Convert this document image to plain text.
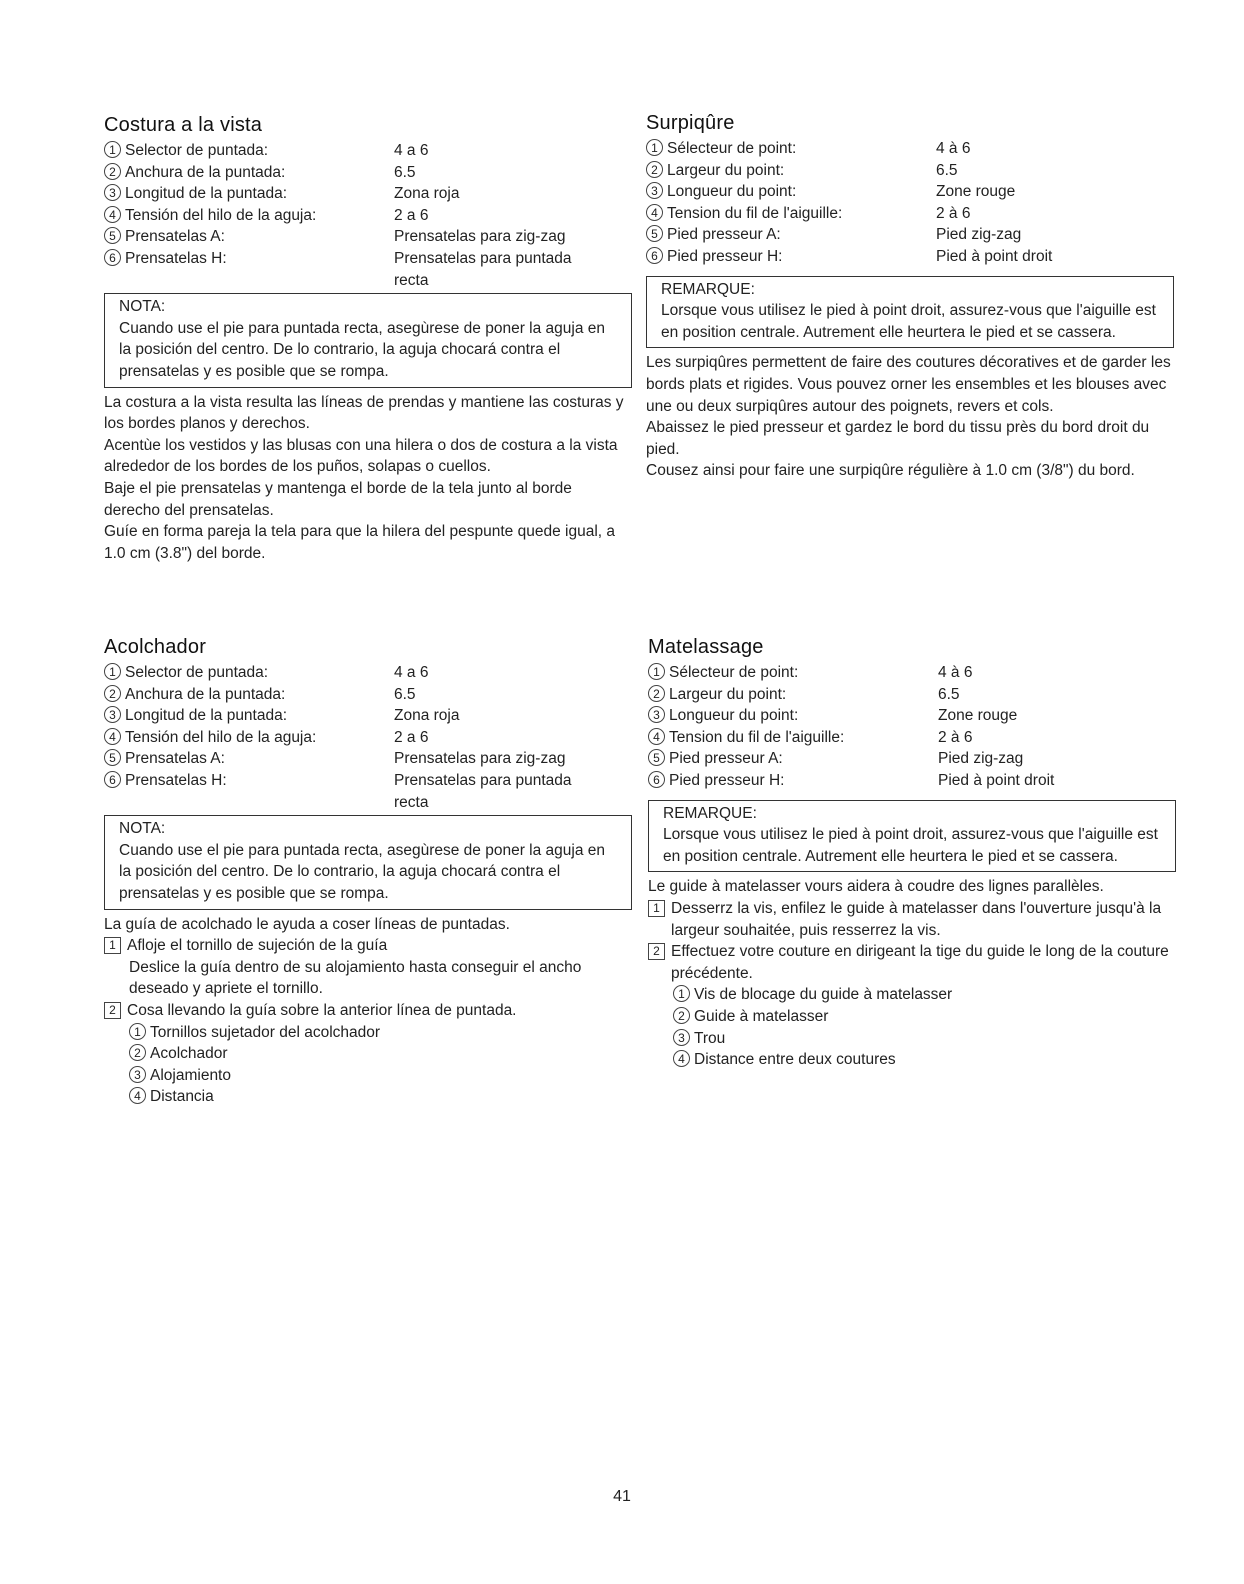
Costura a la vista
1 Selector de puntada:	4 a 6
2 Anchura de la puntada:	6.5
3 Longitud de la puntada:	Zona roja
4 Tensión del hilo de la aguja:	2 a 6
5 Prensatelas A:	Prensatelas para zig-zag
6 Prensatelas H:	Prensatelas para puntada recta
NOTA:
Cuando use el pie para puntada recta, asegùrese de poner la aguja en la posición del centro. De lo contrario, la aguja chocará contra el prensatelas y es posible que se rompa.

La costura a la vista resulta las líneas de prendas y mantiene las costuras y los bordes planos y derechos.

Acentùe los vestidos y las blusas con una hilera o dos de costura a la vista alrededor de los bordes de los puños, solapas o cuellos.

Baje el pie prensatelas y mantenga el borde de la tela junto al borde derecho del prensatelas.

Guíe en forma pareja la tela para que la hilera del pespunte quede igual, a 1.0 cm (3.8") del borde.

Surpiqûre
1 Sélecteur de point:	4 à 6
2 Largeur du point:	6.5
3 Longueur du point:	Zone rouge
4 Tension du fil de l'aiguille:	2 à 6
5 Pied presseur A:	Pied zig-zag
6 Pied presseur H:	Pied à point droit
REMARQUE:
Lorsque vous utilisez le pied à point droit, assurez-vous que l'aiguille est en position centrale. Autrement elle heurtera le pied et se cassera.

Les surpiqûres permettent de faire des coutures décoratives et de garder les bords plats et rigides. Vous pouvez orner les ensembles et les blouses avec une ou deux surpiqûres autour des poignets, revers et cols.

Abaissez le pied presseur et gardez le bord du tissu près du bord droit du pied.

Cousez ainsi pour faire une surpiqûre régulière à 1.0 cm (3/8") du bord.

Acolchador
1 Selector de puntada:	4 a 6
2 Anchura de la puntada:	6.5
3 Longitud de la puntada:	Zona roja
4 Tensión del hilo de la aguja:	2 a 6
5 Prensatelas A:	Prensatelas para zig-zag
6 Prensatelas H:	Prensatelas para puntada recta
NOTA:
Cuando use el pie para puntada recta, asegùrese de poner la aguja en la posición del centro. De lo contrario, la aguja chocará contra el prensatelas y es posible que se rompa.

La guía de acolchado le ayuda a coser líneas de puntadas.

1 Afloje el tornillo de sujeción de la guía
Deslice la guía dentro de su alojamiento hasta conseguir el ancho deseado y apriete el tornillo.
2 Cosa llevando la guía sobre la anterior línea de puntada.
1 Tornillos sujetador del acolchador
2 Acolchador
3 Alojamiento
4 Distancia
Matelassage
1 Sélecteur de point:	4 à 6
2 Largeur du point:	6.5
3 Longueur du point:	Zone rouge
4 Tension du fil de l'aiguille:	2 à 6
5 Pied presseur A:	Pied zig-zag
6 Pied presseur H:	Pied à point droit
REMARQUE:
Lorsque vous utilisez le pied à point droit, assurez-vous que l'aiguille est en position centrale. Autrement elle heurtera le pied et se cassera.

Le guide à matelasser vours aidera à coudre des lignes parallèles.

1 Desserrz la vis, enfilez le guide à matelasser dans l'ouverture jusqu'à la largeur souhaitée, puis resserrez la vis.
2 Effectuez votre couture en dirigeant la tige du guide le long de la couture précédente.
1 Vis de blocage du guide à matelasser
2 Guide à matelasser
3 Trou
4 Distance entre deux coutures
41
